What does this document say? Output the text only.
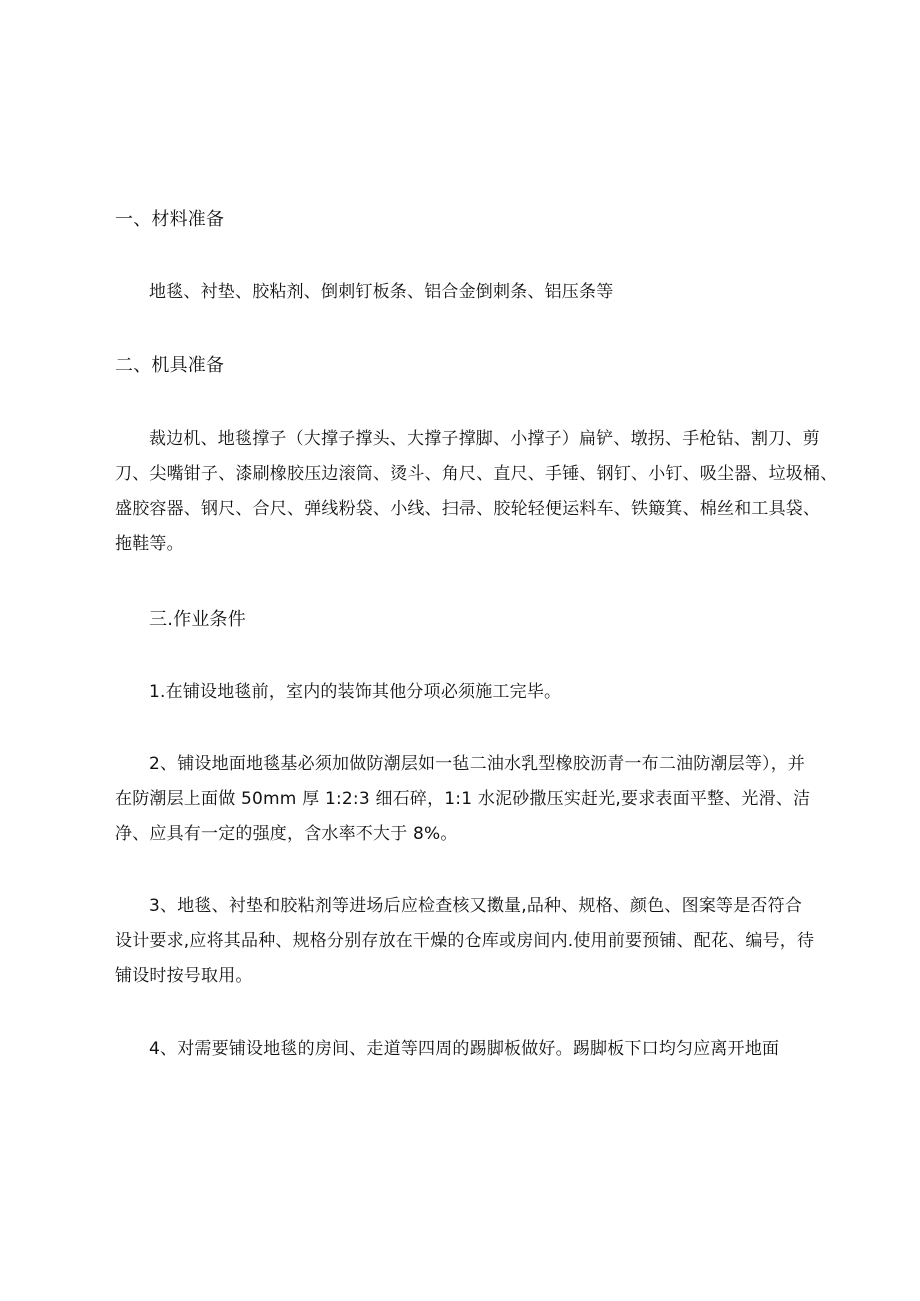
一、材料准备
地毯、衬垫、胶粘剂、倒刺钉板条、铝合金倒刺条、铝压条等
二、机具准备
裁边机、地毯撑子（大撑子撑头、大撑子撑脚、小撑子）扁铲、墩拐、手枪钻、割刀、剪
刀、尖嘴钳子、漆刷橡胶压边滚筒、烫斗、角尺、直尺、手锤、钢钉、小钉、吸尘器、垃圾桶、
盛胶容器、钢尺、合尺、弹线粉袋、小线、扫帚、胶轮轻便运料车、铁簸箕、棉丝和工具袋、
拖鞋等。
三.作业条件
1.在铺设地毯前，室内的装饰其他分项必须施工完毕。
2、铺设地面地毯基必须加做防潮层如一毡二油水乳型橡胶沥青一布二油防潮层等），并
在防潮层上面做 50mm 厚 1:2:3 细石碎，1:1 水泥砂撒压实赶光,要求表面平整、光滑、洁
净、应具有一定的强度，含水率不大于 8%。
3、地毯、衬垫和胶粘剂等进场后应检查核又擞量,品种、规格、颜色、图案等是否符合
设计要求,应将其品种、规格分别存放在干燥的仓库或房间内.使用前要预铺、配花、编号，待
铺设时按号取用。
4、对需要铺设地毯的房间、走道等四周的踢脚板做好。踢脚板下口均匀应离开地面
